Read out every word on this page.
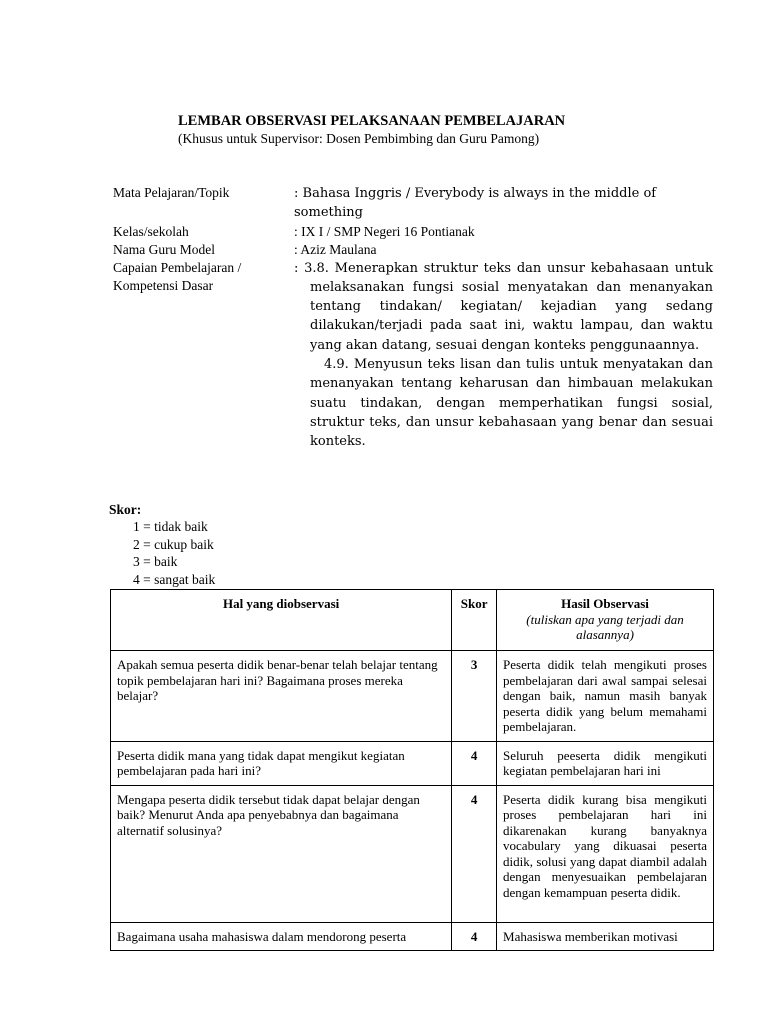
LEMBAR OBSERVASI PELAKSANAAN PEMBELAJARAN

(Khusus untuk Supervisor: Dosen Pembimbing dan Guru Pamong)

Mata Pelajaran/Topik	: Bahasa Inggris / Everybody is always in the middle of something
Kelas/sekolah	: IX I / SMP Negeri 16 Pontianak
Nama Guru Model	: Aziz Maulana
Capaian Pembelajaran /
Kompetensi Dasar
: 3.8. Menerapkan struktur teks dan unsur kebahasaan untuk
melaksanakan fungsi sosial menyatakan dan menanyakan tentang tindakan/ kegiatan/ kejadian yang sedang dilakukan/terjadi pada saat ini, waktu lampau, dan waktu yang akan datang, sesuai dengan konteks penggunaannya.
4.9. Menyusun teks lisan dan tulis untuk menyatakan dan menanyakan tentang keharusan dan himbauan melakukan suatu tindakan, dengan memperhatikan fungsi sosial, struktur teks, dan unsur kebahasaan yang benar dan sesuai konteks.
Skor:
1 = tidak baik
2 = cukup baik
3 = baik
4 = sangat baik
Hal yang diobservasi	Skor	Hasil Observasi
(tuliskan apa yang terjadi dan alasannya)

Apakah semua peserta didik benar-benar telah belajar tentang topik pembelajaran hari ini? Bagaimana proses mereka belajar?	3	Peserta didik telah mengikuti proses pembelajaran dari awal sampai selesai dengan baik, namun masih banyak peserta didik yang belum memahami pembelajaran.
Peserta didik mana yang tidak dapat mengikut kegiatan pembelajaran pada hari ini?	4	Seluruh peeserta didik mengikuti kegiatan pembelajaran hari ini
Mengapa peserta didik tersebut tidak dapat belajar dengan baik? Menurut Anda apa penyebabnya dan bagaimana alternatif solusinya?	4	Peserta didik kurang bisa mengikuti proses pembelajaran hari ini dikarenakan kurang banyaknya vocabulary yang dikuasai peserta didik, solusi yang dapat diambil adalah dengan menyesuaikan pembelajaran dengan kemampuan peserta didik.
Bagaimana usaha mahasiswa dalam mendorong peserta	4	Mahasiswa memberikan motivasi
